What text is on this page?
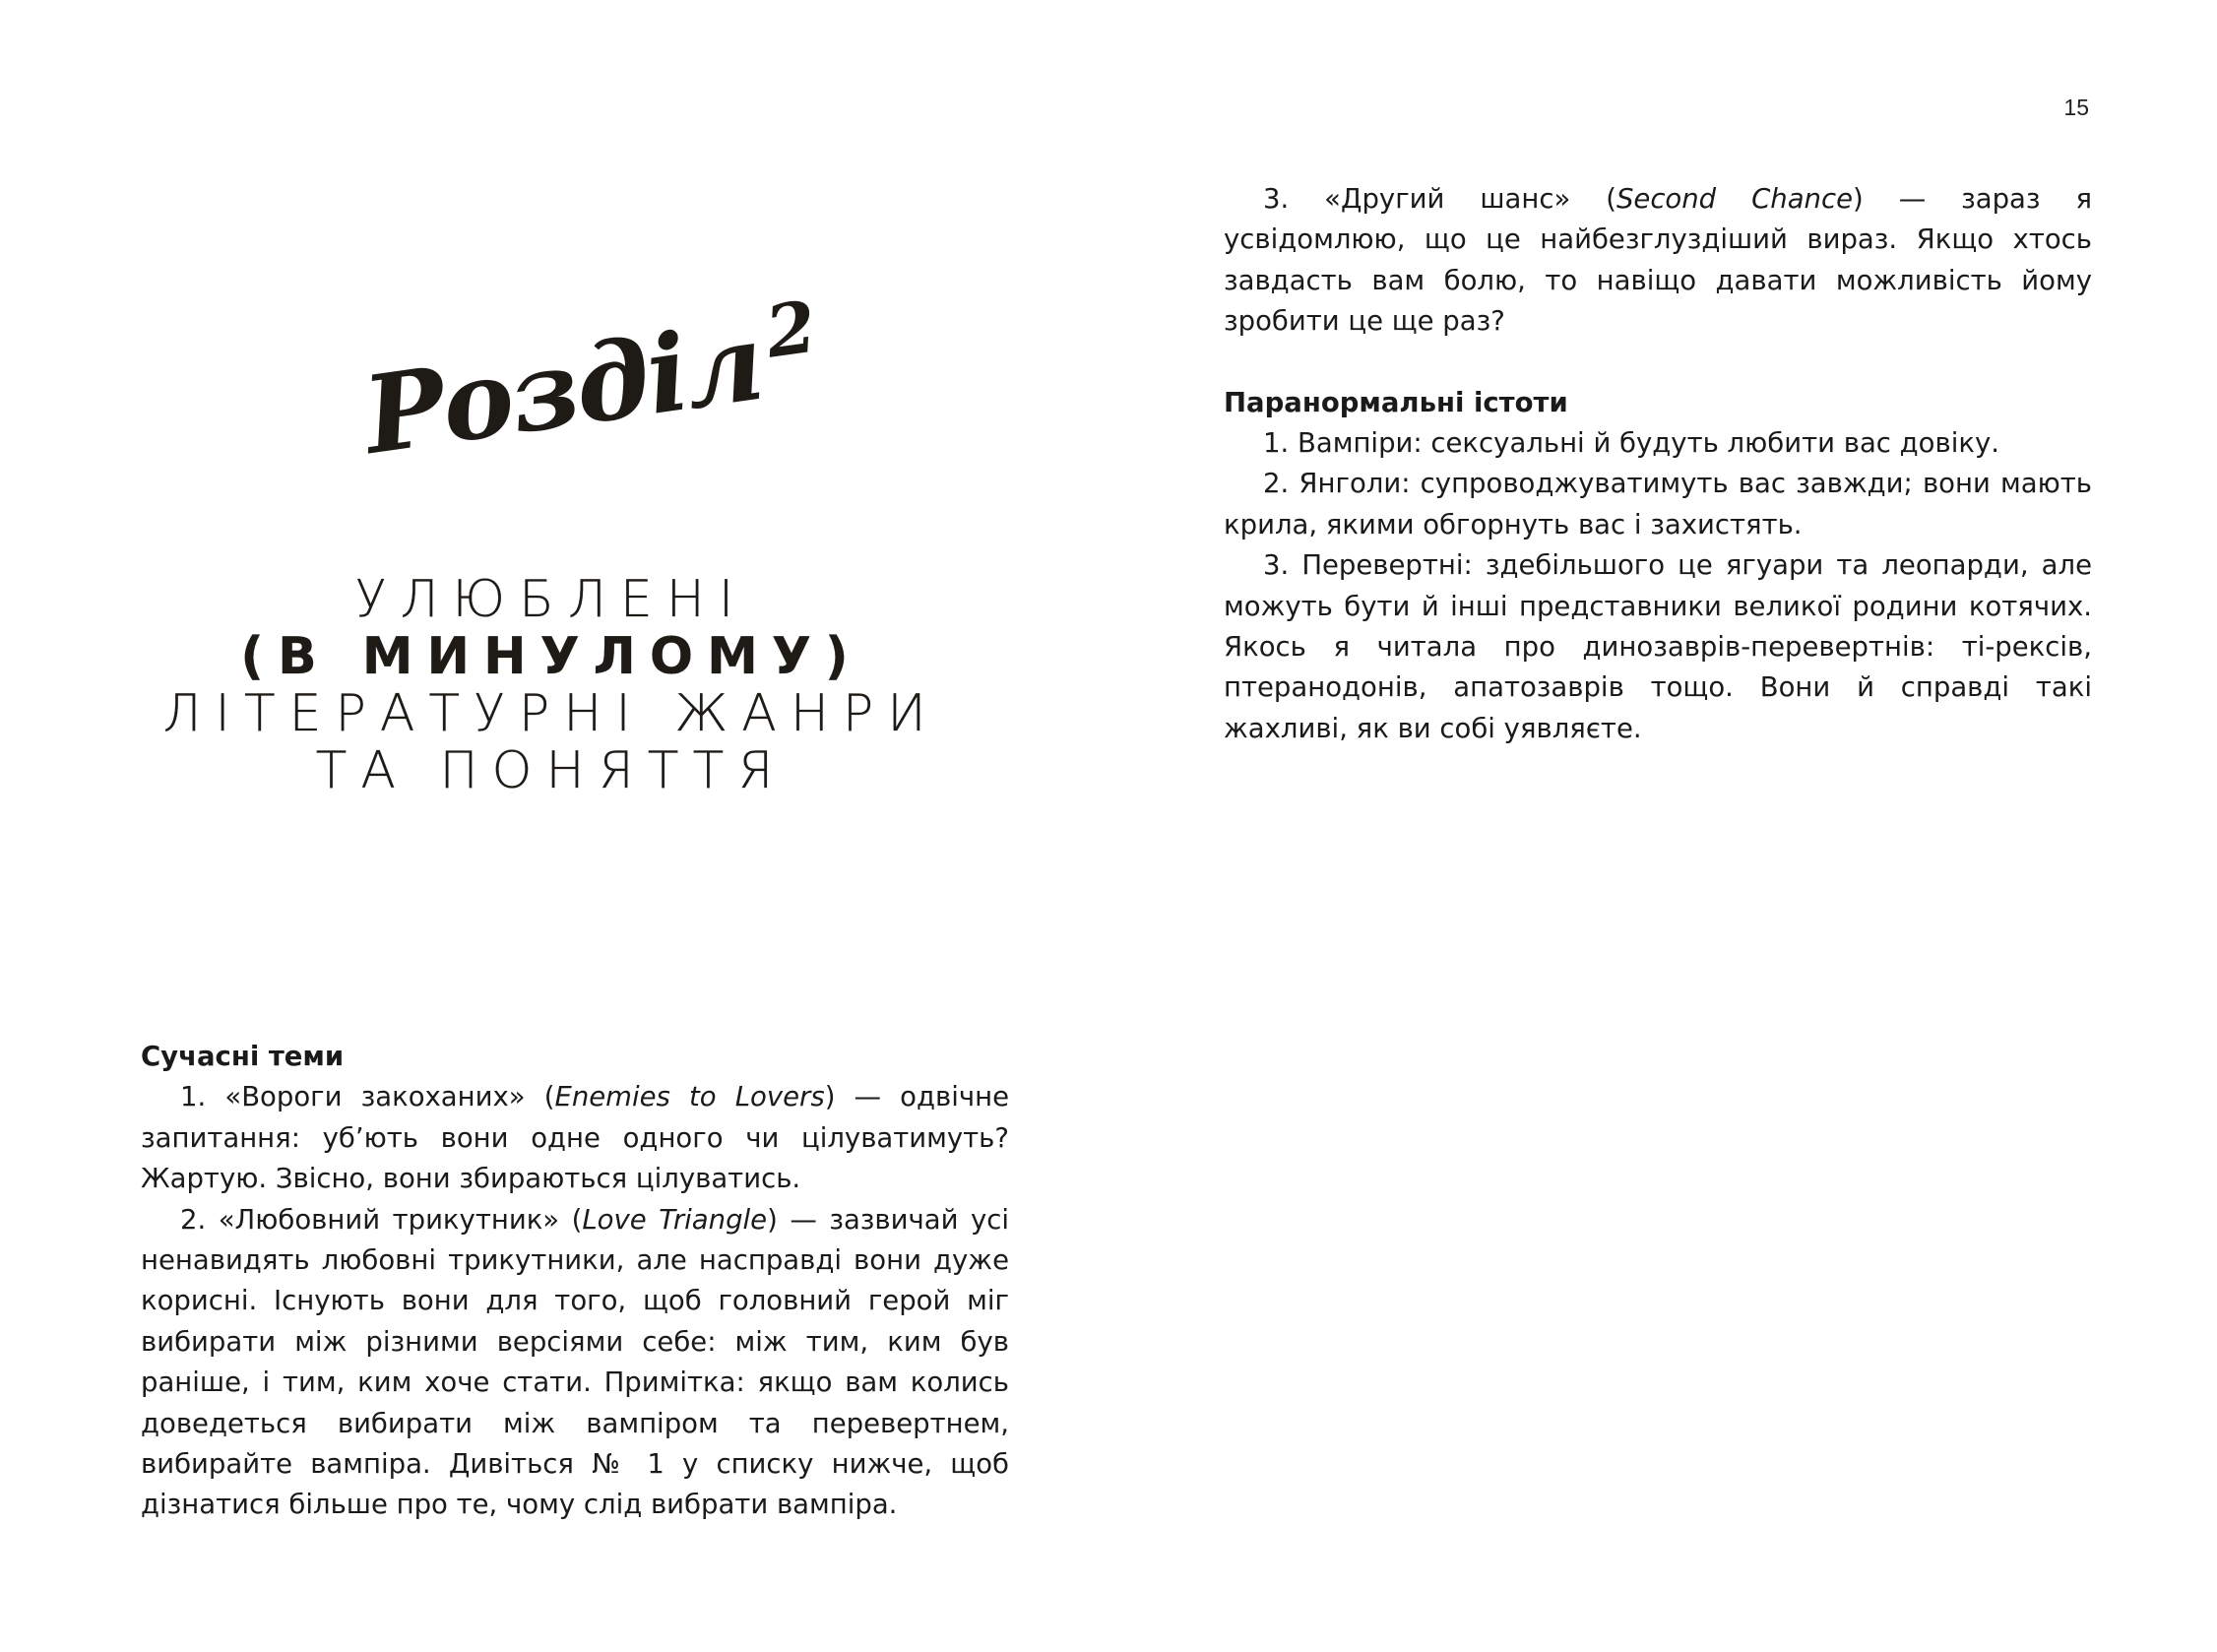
15
Розділ$^2$
УЛЮБЛЕНІ
(В МИНУЛОМУ)
ЛІТЕРАТУРНІ ЖАНРИ
ТА ПОНЯТТЯ
Сучасні теми

1. «Вороги закоханих» (Enemies to Lovers) — одвічне запитання: уб’ють вони одне одного чи цілуватимуть? Жартую. Звісно, вони збираються цілуватись.

2. «Любовний трикутник» (Love Triangle) — зазвичай усі ненавидять любовні трикутники, але насправді вони дуже корисні. Існують вони для того, щоб головний герой міг вибирати між різними версіями себе: між тим, ким був раніше, і тим, ким хоче стати. Примітка: якщо вам колись доведеться вибирати між вампіром та перевертнем, вибирайте вампіра. Дивіться № 1 у списку нижче, щоб дізнатися більше про те, чому слід вибрати вампіра.

3. «Другий шанс» (Second Chance) — зараз я усвідомлюю, що це найбезглуздіший вираз. Якщо хтось завдасть вам болю, то навіщо давати можливість йому зробити це ще раз?

Паранормальні істоти

1. Вампіри: сексуальні й будуть любити вас довіку.

2. Янголи: супроводжуватимуть вас завжди; вони мають крила, якими обгорнуть вас і захистять.

3. Перевертні: здебільшого це ягуари та леопарди, але можуть бути й інші представники великої родини котячих. Якось я читала про динозаврів-перевертнів: ті-рексів, птеранодонів, апатозаврів тощо. Вони й справді такі жахливі, як ви собі уявляєте.
